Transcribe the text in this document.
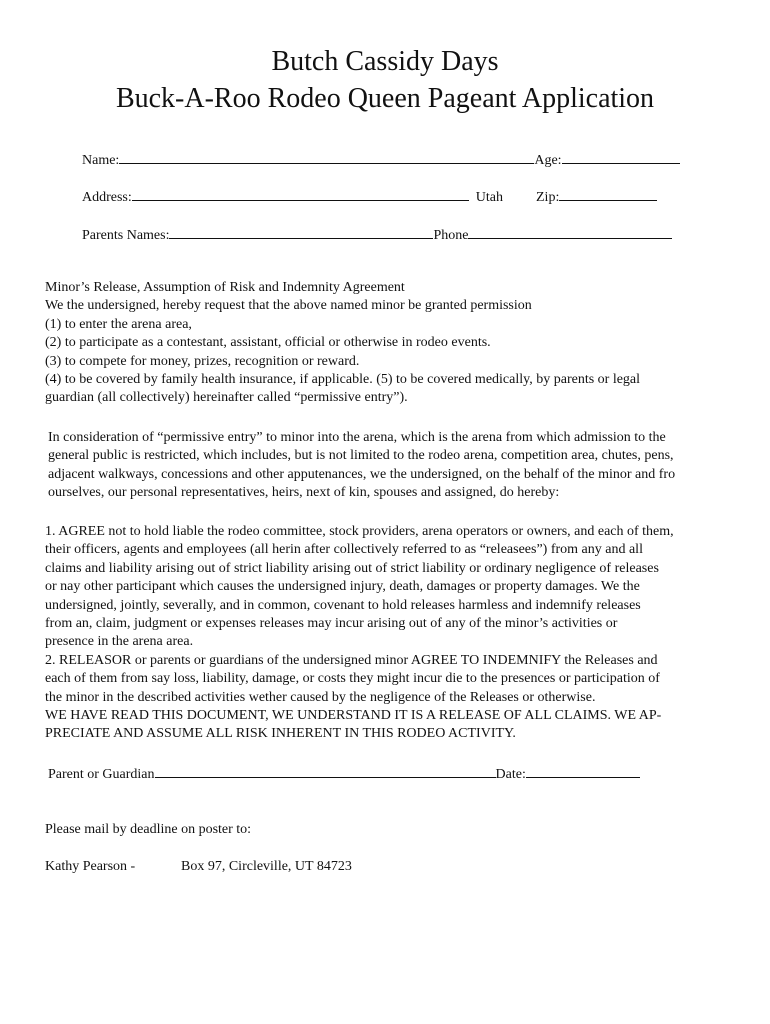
Butch Cassidy Days
Buck-A-Roo Rodeo Queen Pageant Application
Name:	Age:
Address:	Utah Zip:
Parents Names:	Phone

Minor’s Release, Assumption of Risk and Indemnity Agreement

We the undersigned, hereby request that the above named minor be granted permission

(1) to enter the arena area,

(2) to participate as a contestant, assistant, official or otherwise in rodeo events.

(3) to compete for money, prizes, recognition or reward.

(4) to be covered by family health insurance, if applicable. (5) to be covered medically, by parents or legal

guardian (all collectively) hereinafter called “permissive entry”).

In consideration of “permissive entry” to minor into the arena, which is the arena from which admission to the

general public is restricted, which includes, but is not limited to the rodeo arena, competition area, chutes, pens,

adjacent walkways, concessions and other apputenances, we the undersigned, on the behalf of the minor and fro

ourselves, our personal representatives, heirs, next of kin, spouses and assigned, do hereby:

1. AGREE not to hold liable the rodeo committee, stock providers, arena operators or owners, and each of them,

their officers, agents and employees (all herin after collectively referred to as “releasees”) from any and all

claims and liability arising out of strict liability arising out of strict liability or ordinary negligence of releases

or nay other participant which causes the undersigned injury, death, damages or property damages. We the

undersigned, jointly, severally, and in common, covenant to hold releases harmless and indemnify releases

from an, claim, judgment or expenses releases may incur arising out of any of the minor’s activities or

presence in the arena area.

2. RELEASOR or parents or guardians of the undersigned minor AGREE TO INDEMNIFY the Releases and

each of them from say loss, liability, damage, or costs they might incur die to the presences or participation of

the minor in the described activities wether caused by the negligence of the Releases or otherwise.

WE HAVE READ THIS DOCUMENT, WE UNDERSTAND IT IS A RELEASE OF ALL CLAIMS. WE AP-

PRECIATE AND ASSUME ALL RISK INHERENT IN THIS RODEO ACTIVITY.

Parent or Guardian	Date:
Please mail by deadline on poster to:
Kathy Pearson -	Box 97, Circleville, UT 84723
